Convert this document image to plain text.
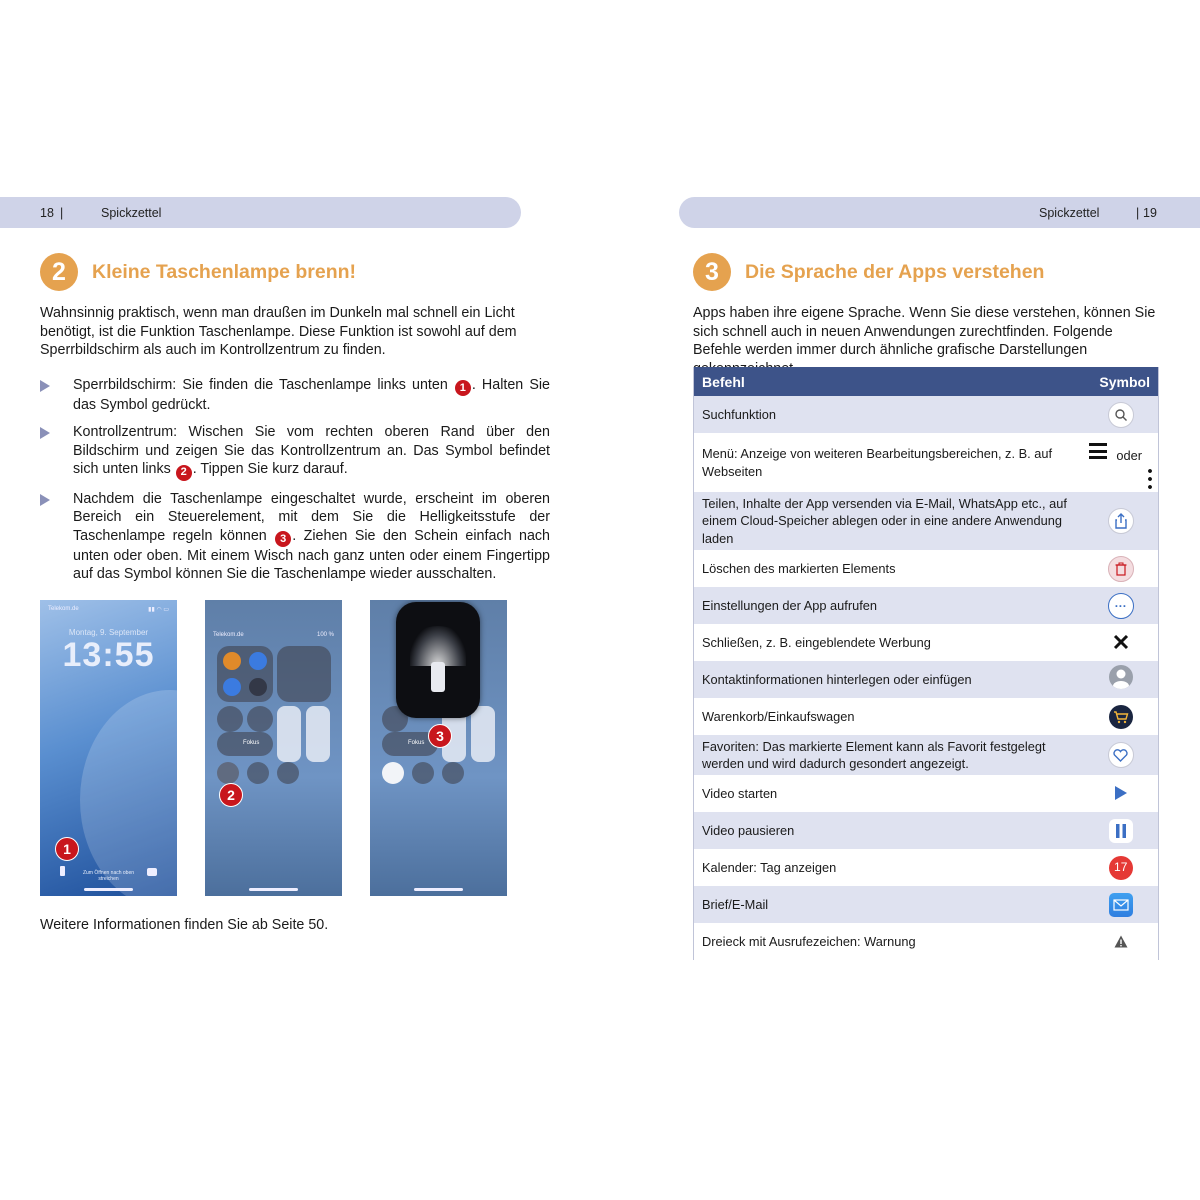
18 |	Spickzettel	Spickzettel	| 19
2	Kleine Taschenlampe brenn!

Wahnsinnig praktisch, wenn man draußen im Dunkeln mal schnell ein Licht benötigt, ist die Funktion Taschenlampe. Diese Funktion ist sowohl auf dem Sperrbildschirm als auch im Kontrollzentrum zu finden.

Sperrbildschirm: Sie finden die Taschenlampe links unten 1 . Halten Sie das Symbol gedrückt.
Kontrollzentrum: Wischen Sie vom rechten oberen Rand über den Bildschirm und zeigen Sie das Kontrollzentrum an. Das Symbol befindet sich unten links 2 . Tippen Sie kurz darauf.
Nachdem die Taschenlampe eingeschaltet wurde, erscheint im oberen Bereich ein Steuerelement, mit dem Sie die Helligkeitsstufe der Taschenlampe regeln können 3 . Ziehen Sie den Schein einfach nach unten oder oben. Mit einem Wisch nach ganz unten oder einem Fingertipp auf das Symbol können Sie die Taschenlampe wieder ausschalten.
Telekom.de	▮▮ ◠ ▭
Montag, 9. September
13:55
Zum Öffnen nach oben streichen
1
Telekom.de	100 %
Fokus
2
Fokus 3
Weitere Informationen finden Sie ab Seite 50.
3	Die Sprache der Apps verstehen

Apps haben ihre eigene Sprache. Wenn Sie diese verstehen, können Sie sich schnell auch in neuen Anwendungen zurechtfinden. Folgende Befehle werden immer durch ähnliche grafische Darstellungen

Befehl	Symbol
Suchfunktion	

Menü: Anzeige von weiteren Bearbeitungsbereichen, z. B. auf Webseiten	oder

Teilen, Inhalte der App versenden via E-Mail, WhatsApp etc., auf einem Cloud-Speicher ablegen oder in eine andere Anwendung laden	

Löschen des markierten Elements	

Einstellungen der App aufrufen	···
Schließen, z. B. eingeblendete Werbung	

Kontaktinformationen hinterlegen oder einfügen	

Warenkorb/Einkaufswagen	

Favoriten: Das markierte Element kann als Favorit festgelegt werden und wird dadurch gesondert angezeigt.	

Video starten	

Video pausieren	

Kalender: Tag anzeigen	17
Brief/E-Mail	

Dreieck mit Ausrufezeichen: Warnung	
